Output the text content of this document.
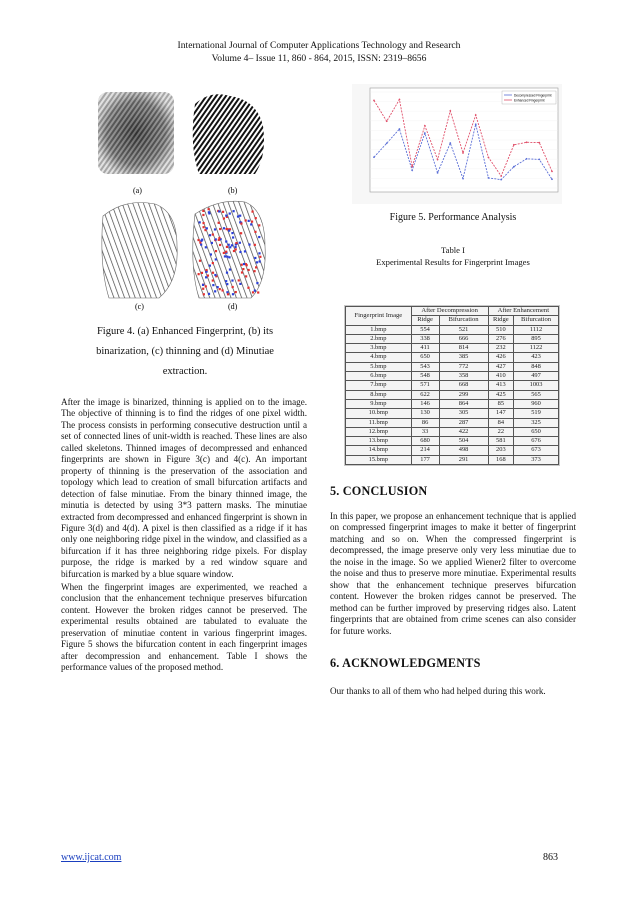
International Journal of Computer Applications Technology and Research
Volume 4– Issue 11, 860 - 864, 2015, ISSN: 2319–8656
(a)	(b)
(c)	(d)
Figure 4. (a) Enhanced Fingerprint, (b) its
binarization, (c) thinning and (d) Minutiae
extraction.

After the image is binarized, thinning is applied on to the image. The objective of thinning is to find the ridges of one pixel width. The process consists in performing consecutive destruction until a set of connected lines of unit-width is reached. These lines are also called skeletons. Thinned images of decompressed and enhanced fingerprints are shown in Figure 3(c) and 4(c). An important property of thinning is the preservation of the association and topology which lead to creation of small bifurcation artifacts and detection of false minutiae. From the binary thinned image, the minutia is detected by using 3*3 pattern masks. The minutiae extracted from decompressed and enhanced fingerprint is shown in Figure 3(d) and 4(d). A pixel is then classified as a ridge if it has only one neighboring ridge pixel in the window, and classified as a bifurcation if it has three neighboring ridge pixels. For display purpose, the ridge is marked by a red window square and bifurcation is marked by a blue square window.

When the fingerprint images are experimented, we reached a conclusion that the enhancement technique preserves bifurcation content. However the broken ridges cannot be preserved. The experimental results obtained are tabulated to evaluate the preservation of minutiae content in various fingerprint images. Figure 5 shows the bifurcation content in each fingerprint images after decompression and enhancement. Table I shows the performance values of the proposed method.

Decompressed Fingerprint
Enhanced Fingerprint
Figure 5. Performance Analysis
Table I
Experimental Results for Fingerprint Images
Fingerprint Image	After Decompression		After Enhancement	
	Ridge	Bifurcation	Ridge	Bifurcation
1.bmp	554	521	510	1112
2.bmp	338	666	276	895
3.bmp	411	814	232	1122
4.bmp	650	385	426	423
5.bmp	543	772	427	848
6.bmp	548	358	410	497
7.bmp	571	668	413	1003
8.bmp	622	299	425	565
9.bmp	146	864	85	960
10.bmp	130	305	147	519
11.bmp	86	287	84	325
12.bmp	33	422	22	650
13.bmp	680	504	581	676
14.bmp	214	498	203	673
15.bmp	177	291	168	373
5. CONCLUSION

In this paper, we propose an enhancement technique that is applied on compressed fingerprint images to make it better of fingerprint matching and so on. When the compressed fingerprint is decompressed, the image preserve only very less minutiae due to the noise in the image. So we applied Wiener2 filter to overcome the noise and thus to preserve more minutiae. Experimental results show that the enhancement technique preserves bifurcation content. However the broken ridges cannot be preserved. The method can be further improved by preserving ridges also. Latent fingerprints that are obtained from crime scenes can also consider for future works.

6. ACKNOWLEDGMENTS

Our thanks to all of them who had helped during this work.

www.ijcat.com	863
